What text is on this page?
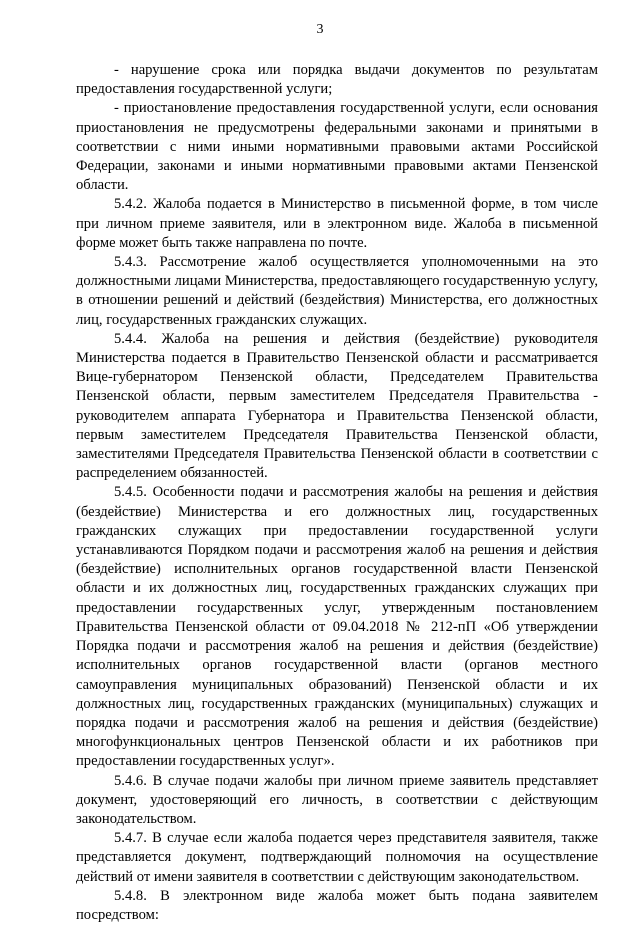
3

- нарушение срока или порядка выдачи документов по результатам предоставления государственной услуги;

- приостановление предоставления государственной услуги, если основания приостановления не предусмотрены федеральными законами и принятыми в соответствии с ними иными нормативными правовыми актами Российской Федерации, законами и иными нормативными правовыми актами Пензенской области.

5.4.2. Жалоба подается в Министерство в письменной форме, в том числе при личном приеме заявителя, или в электронном виде. Жалоба в письменной форме может быть также направлена по почте.

5.4.3. Рассмотрение жалоб осуществляется уполномоченными на это должностными лицами Министерства, предоставляющего государственную услугу, в отношении решений и действий (бездействия) Министерства, его должностных лиц, государственных гражданских служащих.

5.4.4. Жалоба на решения и действия (бездействие) руководителя Министерства подается в Правительство Пензенской области и рассматривается Вице-губернатором Пензенской области, Председателем Правительства Пензенской области, первым заместителем Председателя Правительства - руководителем аппарата Губернатора и Правительства Пензенской области, первым заместителем Председателя Правительства Пензенской области, заместителями Председателя Правительства Пензенской области в соответствии с распределением обязанностей.

5.4.5. Особенности подачи и рассмотрения жалобы на решения и действия (бездействие) Министерства и его должностных лиц, государственных гражданских служащих при предоставлении государственной услуги устанавливаются Порядком подачи и рассмотрения жалоб на решения и действия (бездействие) исполнительных органов государственной власти Пензенской области и их должностных лиц, государственных гражданских служащих при предоставлении государственных услуг, утвержденным постановлением Правительства Пензенской области от 09.04.2018 № 212-пП «Об утверждении Порядка подачи и рассмотрения жалоб на решения и действия (бездействие) исполнительных органов государственной власти (органов местного самоуправления муниципальных образований) Пензенской области и их должностных лиц, государственных гражданских (муниципальных) служащих и порядка подачи и рассмотрения жалоб на решения и действия (бездействие) многофункциональных центров Пензенской области и их работников при предоставлении государственных услуг».

5.4.6. В случае подачи жалобы при личном приеме заявитель представляет документ, удостоверяющий его личность, в соответствии с действующим законодательством.

5.4.7. В случае если жалоба подается через представителя заявителя, также представляется документ, подтверждающий полномочия на осуществление действий от имени заявителя в соответствии с действующим законодательством.

5.4.8. В электронном виде жалоба может быть подана заявителем посредством:
